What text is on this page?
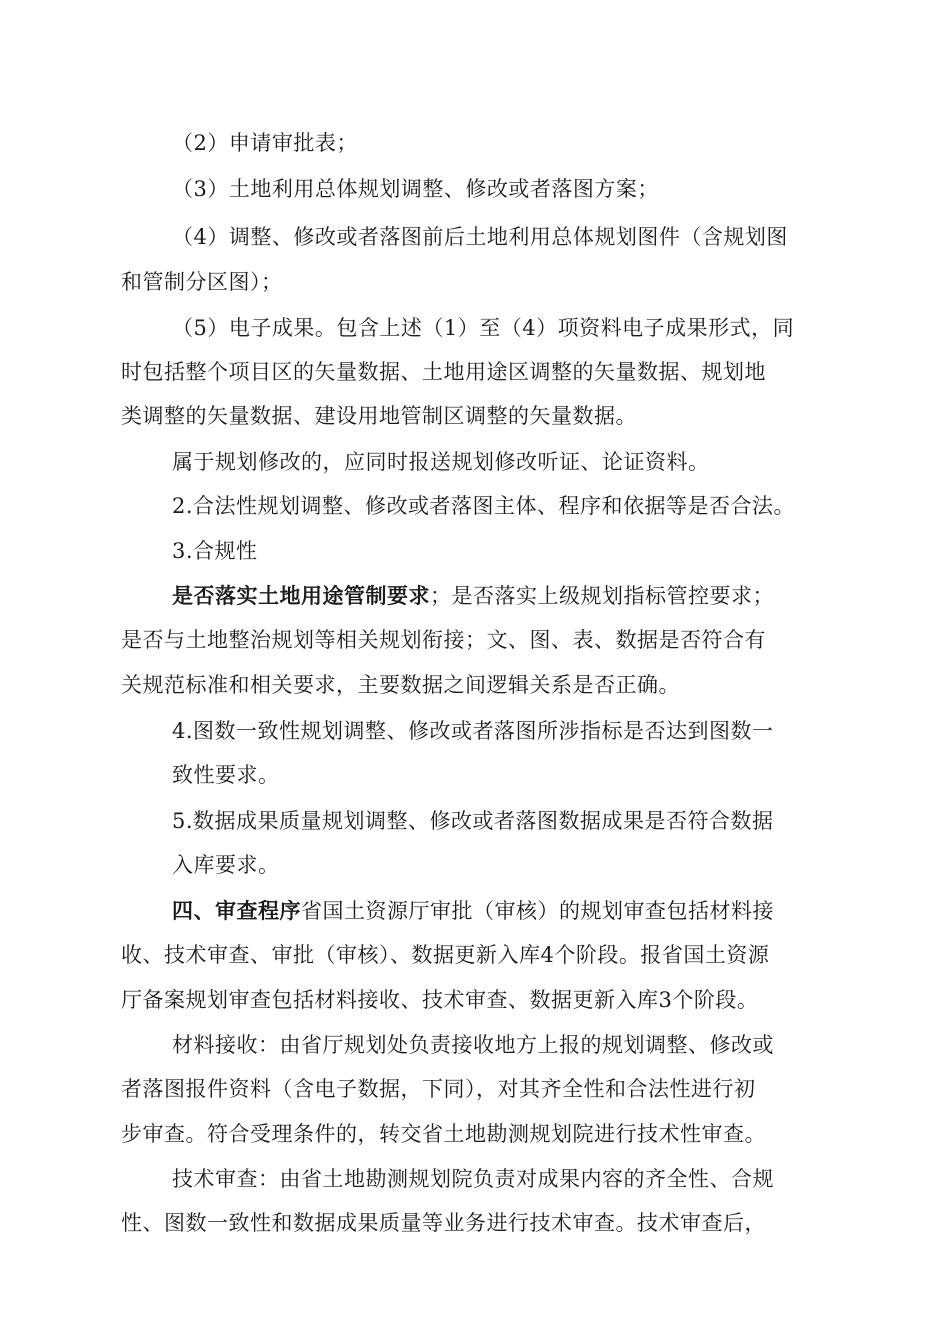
（2）申请审批表；
（3）土地利用总体规划调整、修改或者落图方案；
（4）调整、修改或者落图前后土地利用总体规划图件（含规划图
和管制分区图）；
（5）电子成果。包含上述（1）至（4）项资料电子成果形式，同
时包括整个项目区的矢量数据、土地用途区调整的矢量数据、规划地
类调整的矢量数据、建设用地管制区调整的矢量数据。
属于规划修改的，应同时报送规划修改听证、论证资料。
2.合法性规划调整、修改或者落图主体、程序和依据等是否合法。
3.合规性
是否落实土地用途管制要求；是否落实上级规划指标管控要求；
是否与土地整治规划等相关规划衔接；文、图、表、数据是否符合有
关规范标准和相关要求，主要数据之间逻辑关系是否正确。
4.图数一致性规划调整、修改或者落图所涉指标是否达到图数一
致性要求。
5.数据成果质量规划调整、修改或者落图数据成果是否符合数据
入库要求。
四、审查程序省国土资源厅审批（审核）的规划审查包括材料接
收、技术审查、审批（审核）、数据更新入库4个阶段。报省国土资源
厅备案规划审查包括材料接收、技术审查、数据更新入库3个阶段。
材料接收：由省厅规划处负责接收地方上报的规划调整、修改或
者落图报件资料（含电子数据，下同），对其齐全性和合法性进行初
步审查。符合受理条件的，转交省土地勘测规划院进行技术性审查。
技术审查：由省土地勘测规划院负责对成果内容的齐全性、合规
性、图数一致性和数据成果质量等业务进行技术审查。技术审查后，
